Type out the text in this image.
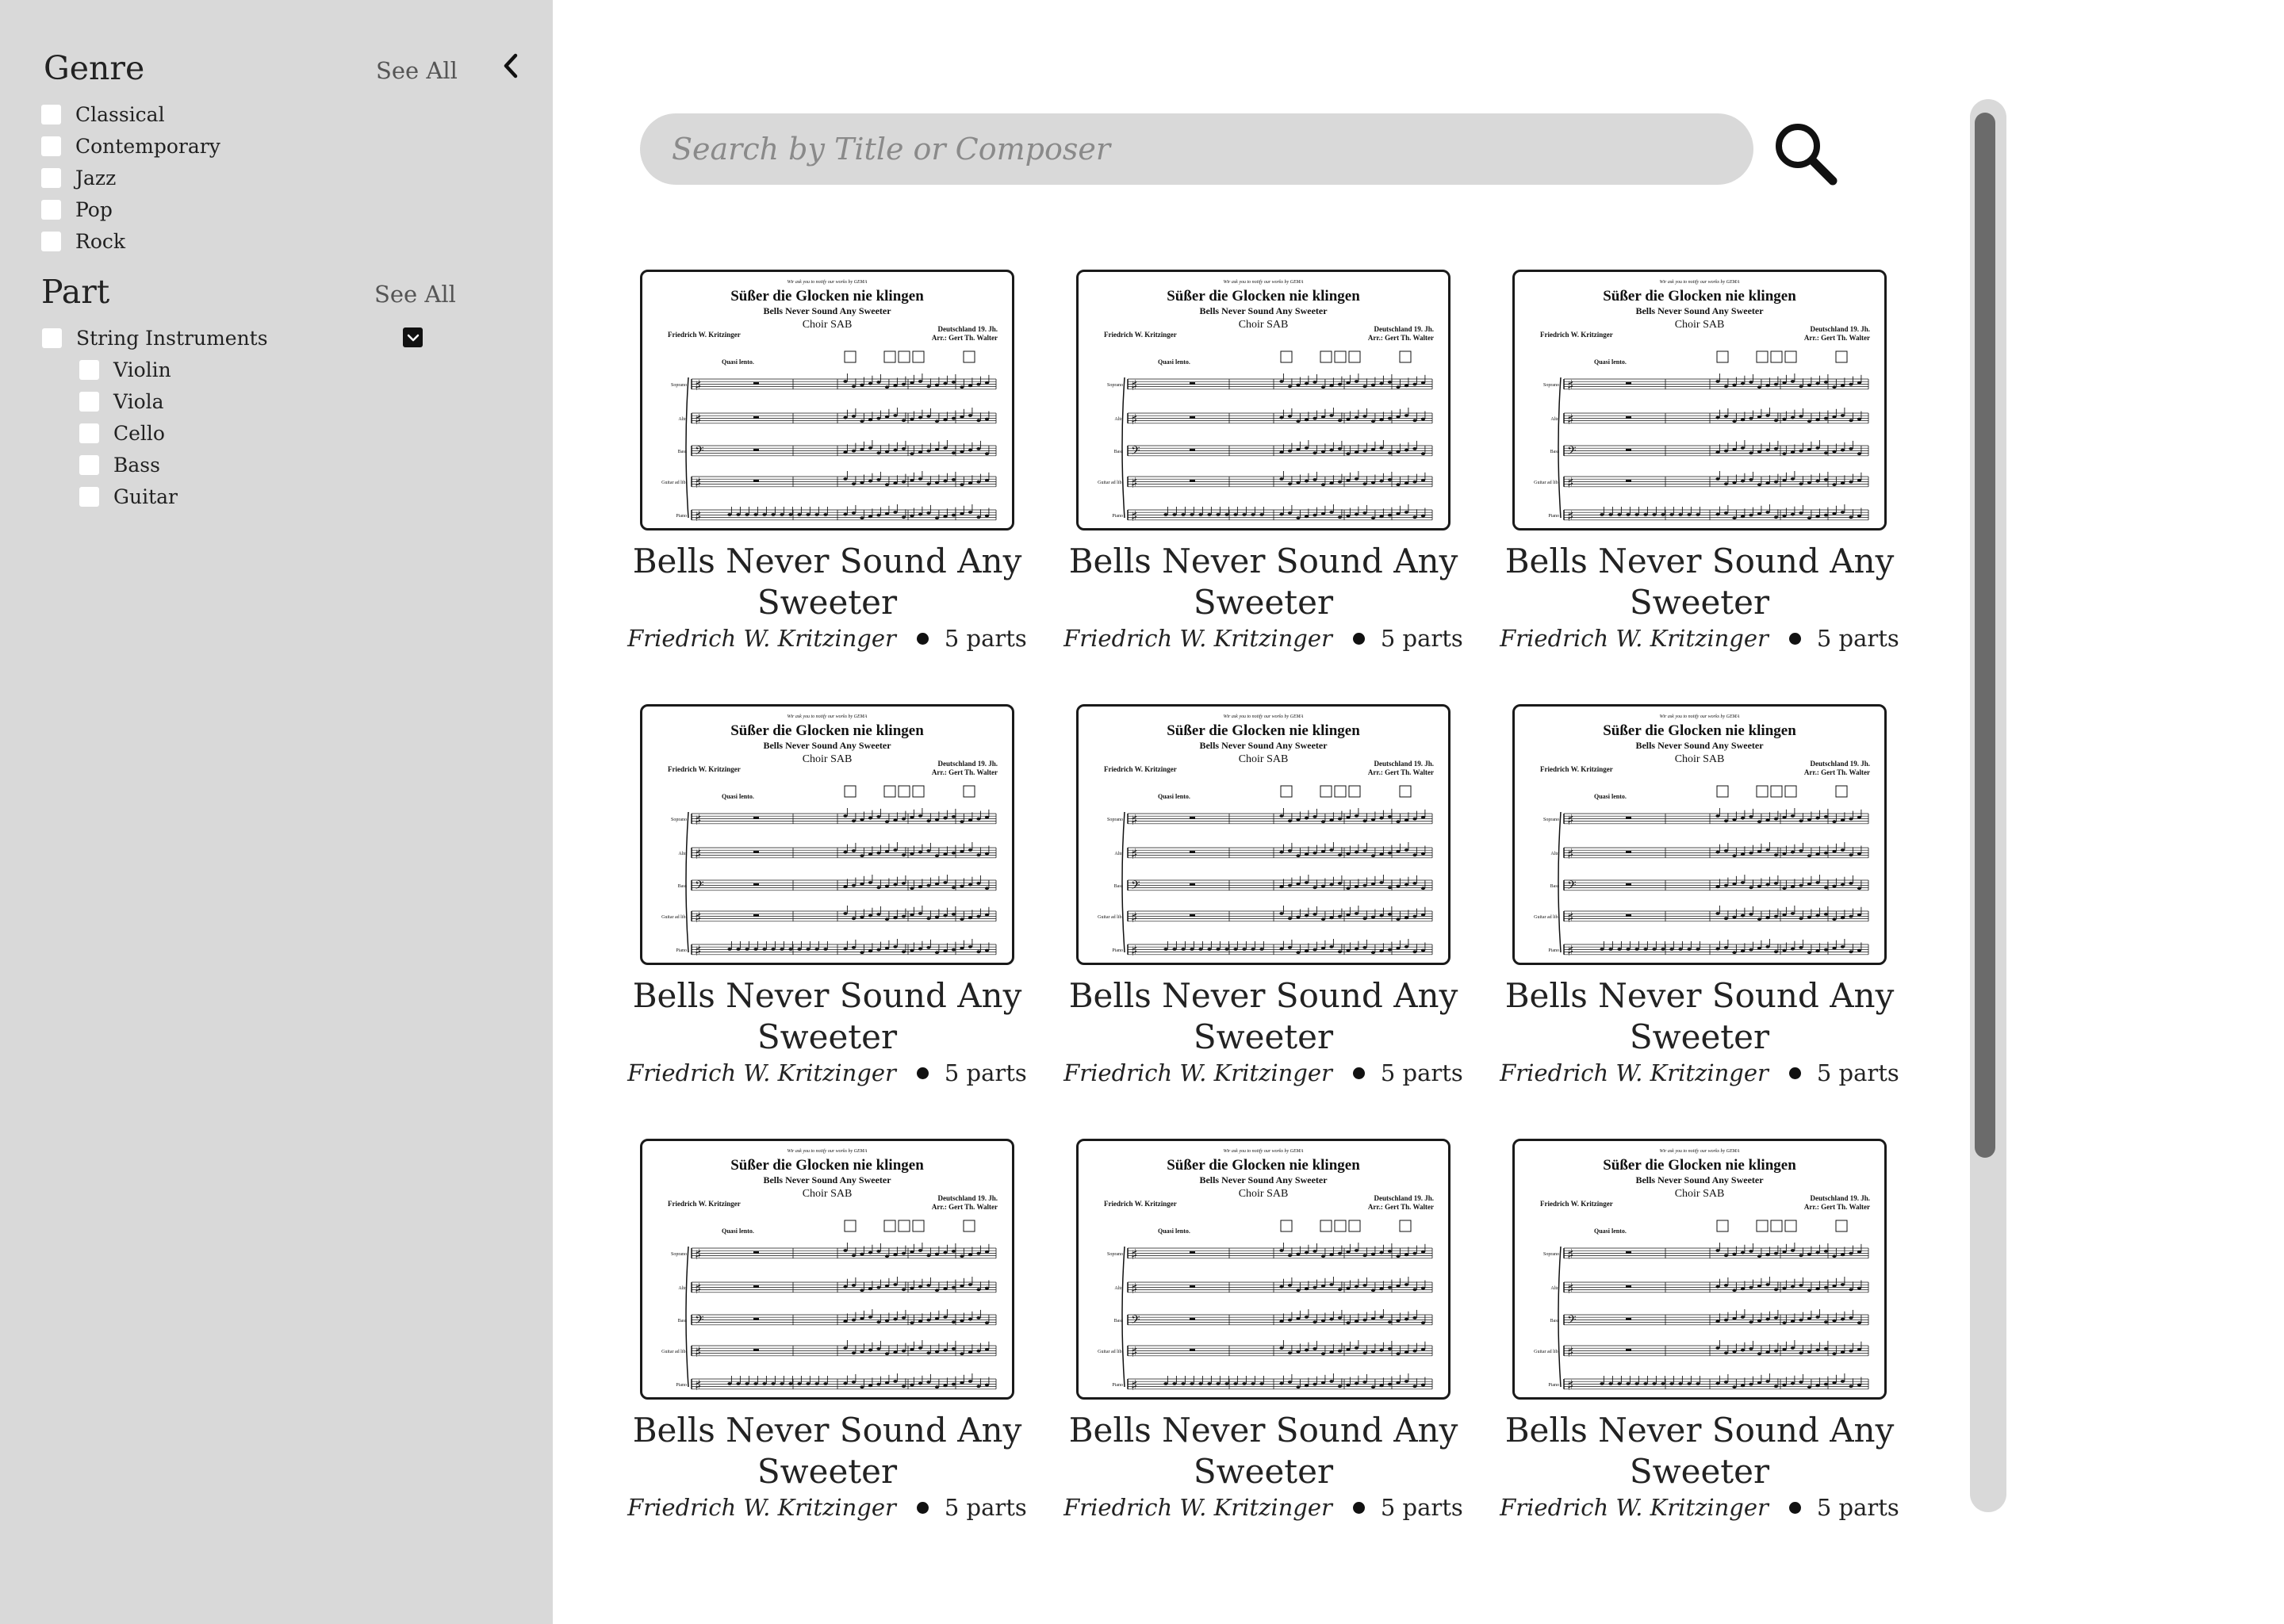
Genre	See All
Classical
Contemporary
Jazz
Pop
Rock
Part	See All
String Instruments
Violin
Viola
Cello
Bass
Guitar
Search by Title or Composer
Wir ask you to notify our works by GEMA
Süßer die Glocken nie klingen
Bells Never Sound Any Sweeter
Choir SAB
Friedrich W. Kritzinger
Deutschland 19. Jh.
Arr.: Gert Th. Walter
Quasi lento.
♯
Soprano
♯
Alto
𝄢
Bass
♯
Guitar ad lib.
♯
Piano
Bells Never Sound Any Sweeter
Friedrich W. Kritzinger 5 parts
Wir ask you to notify our works by GEMA
Süßer die Glocken nie klingen
Bells Never Sound Any Sweeter
Choir SAB
Friedrich W. Kritzinger
Deutschland 19. Jh.
Arr.: Gert Th. Walter
Quasi lento.
♯
Soprano
♯
Alto
𝄢
Bass
♯
Guitar ad lib.
♯
Piano
Bells Never Sound Any Sweeter
Friedrich W. Kritzinger 5 parts
Wir ask you to notify our works by GEMA
Süßer die Glocken nie klingen
Bells Never Sound Any Sweeter
Choir SAB
Friedrich W. Kritzinger
Deutschland 19. Jh.
Arr.: Gert Th. Walter
Quasi lento.
♯
Soprano
♯
Alto
𝄢
Bass
♯
Guitar ad lib.
♯
Piano
Bells Never Sound Any Sweeter
Friedrich W. Kritzinger 5 parts
Wir ask you to notify our works by GEMA
Süßer die Glocken nie klingen
Bells Never Sound Any Sweeter
Choir SAB
Friedrich W. Kritzinger
Deutschland 19. Jh.
Arr.: Gert Th. Walter
Quasi lento.
♯
Soprano
♯
Alto
𝄢
Bass
♯
Guitar ad lib.
♯
Piano
Bells Never Sound Any Sweeter
Friedrich W. Kritzinger 5 parts
Wir ask you to notify our works by GEMA
Süßer die Glocken nie klingen
Bells Never Sound Any Sweeter
Choir SAB
Friedrich W. Kritzinger
Deutschland 19. Jh.
Arr.: Gert Th. Walter
Quasi lento.
♯
Soprano
♯
Alto
𝄢
Bass
♯
Guitar ad lib.
♯
Piano
Bells Never Sound Any Sweeter
Friedrich W. Kritzinger 5 parts
Wir ask you to notify our works by GEMA
Süßer die Glocken nie klingen
Bells Never Sound Any Sweeter
Choir SAB
Friedrich W. Kritzinger
Deutschland 19. Jh.
Arr.: Gert Th. Walter
Quasi lento.
♯
Soprano
♯
Alto
𝄢
Bass
♯
Guitar ad lib.
♯
Piano
Bells Never Sound Any Sweeter
Friedrich W. Kritzinger 5 parts
Wir ask you to notify our works by GEMA
Süßer die Glocken nie klingen
Bells Never Sound Any Sweeter
Choir SAB
Friedrich W. Kritzinger
Deutschland 19. Jh.
Arr.: Gert Th. Walter
Quasi lento.
♯
Soprano
♯
Alto
𝄢
Bass
♯
Guitar ad lib.
♯
Piano
Bells Never Sound Any Sweeter
Friedrich W. Kritzinger 5 parts
Wir ask you to notify our works by GEMA
Süßer die Glocken nie klingen
Bells Never Sound Any Sweeter
Choir SAB
Friedrich W. Kritzinger
Deutschland 19. Jh.
Arr.: Gert Th. Walter
Quasi lento.
♯
Soprano
♯
Alto
𝄢
Bass
♯
Guitar ad lib.
♯
Piano
Bells Never Sound Any Sweeter
Friedrich W. Kritzinger 5 parts
Wir ask you to notify our works by GEMA
Süßer die Glocken nie klingen
Bells Never Sound Any Sweeter
Choir SAB
Friedrich W. Kritzinger
Deutschland 19. Jh.
Arr.: Gert Th. Walter
Quasi lento.
♯
Soprano
♯
Alto
𝄢
Bass
♯
Guitar ad lib.
♯
Piano
Bells Never Sound Any Sweeter
Friedrich W. Kritzinger 5 parts
